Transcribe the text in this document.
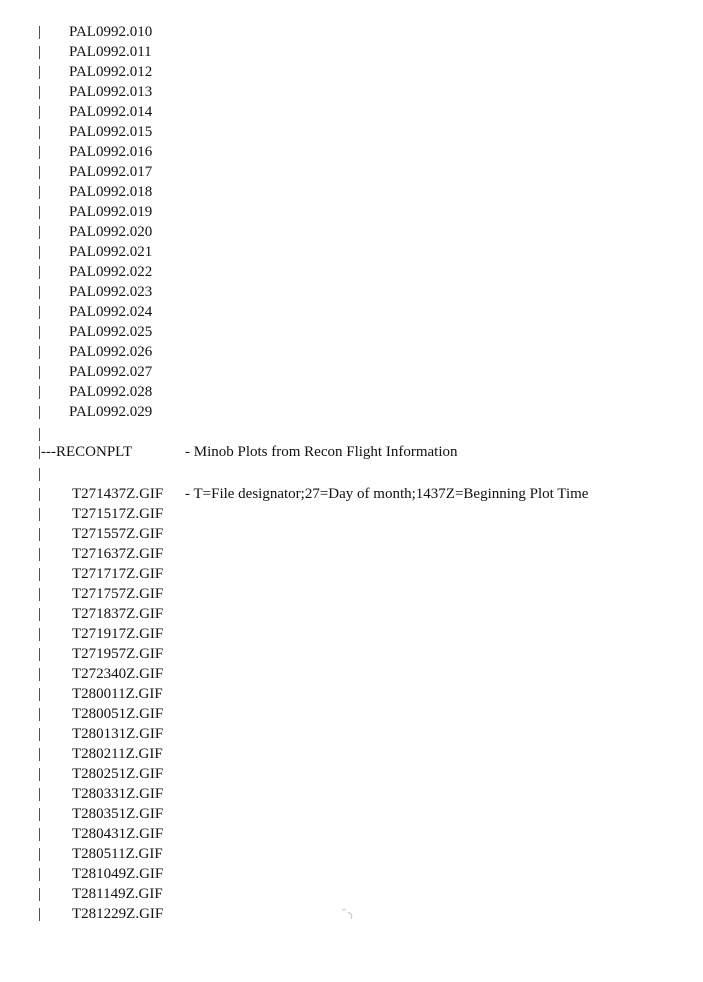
|	PAL0992.010
|	PAL0992.011
|	PAL0992.012
|	PAL0992.013
|	PAL0992.014
|	PAL0992.015
|	PAL0992.016
|	PAL0992.017
|	PAL0992.018
|	PAL0992.019
|	PAL0992.020
|	PAL0992.021
|	PAL0992.022
|	PAL0992.023
|	PAL0992.024
|	PAL0992.025
|	PAL0992.026
|	PAL0992.027
|	PAL0992.028
|	PAL0992.029
|
|---RECONPLT	- Minob Plots from Recon Flight Information
|
|	T271437Z.GIF - T=File designator;27=Day of month;1437Z=Beginning Plot Time
|	T271517Z.GIF
|	T271557Z.GIF
|	T271637Z.GIF
|	T271717Z.GIF
|	T271757Z.GIF
|	T271837Z.GIF
|	T271917Z.GIF
|	T271957Z.GIF
|	T272340Z.GIF
|	T280011Z.GIF
|	T280051Z.GIF
|	T280131Z.GIF
|	T280211Z.GIF
|	T280251Z.GIF
|	T280331Z.GIF
|	T280351Z.GIF
|	T280431Z.GIF
|	T280511Z.GIF
|	T281049Z.GIF
|	T281149Z.GIF
|	T281229Z.GIF
